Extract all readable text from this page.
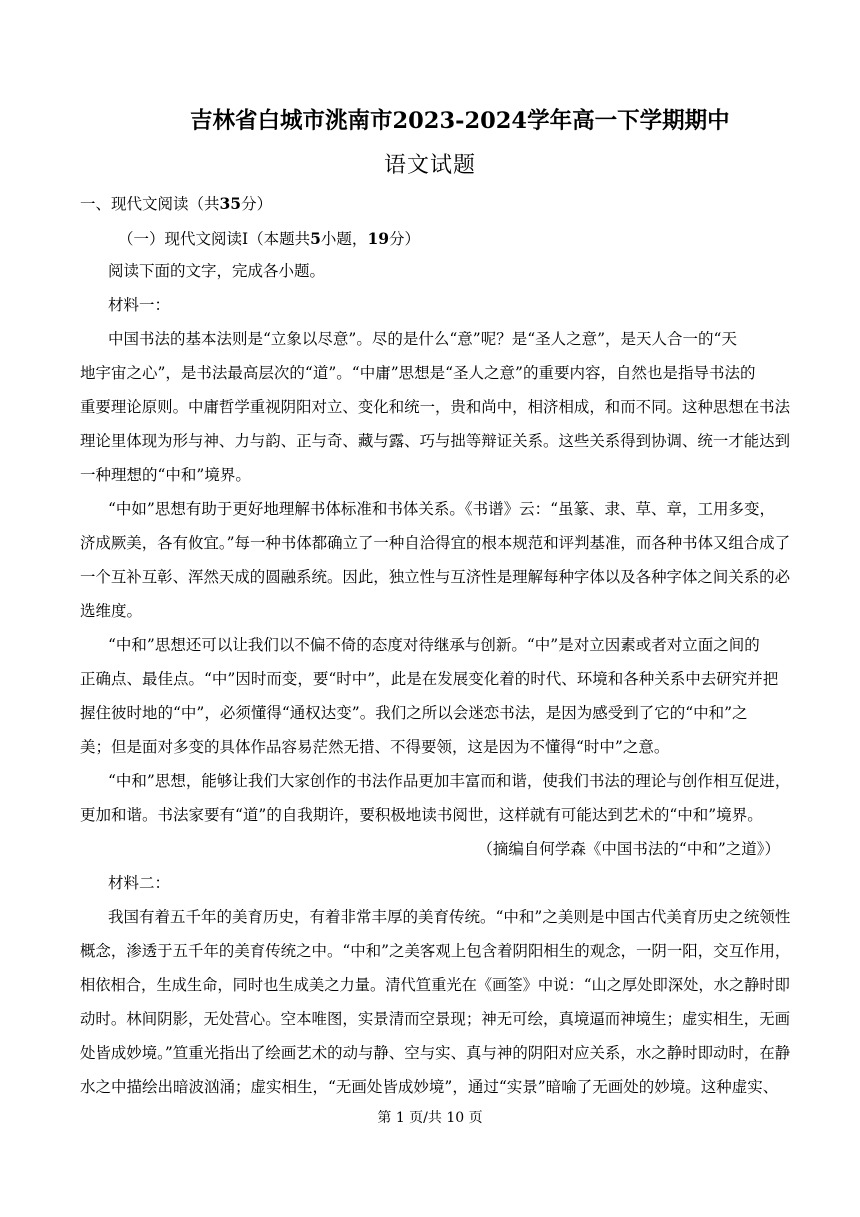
吉林省白城市洮南市2023-2024学年高一下学期期中
语文试题
一、现代文阅读（共35分）
（一）现代文阅读Ⅰ（本题共5小题，19分）
阅读下面的文字，完成各小题。
材料一：
中国书法的基本法则是“立象以尽意”。尽的是什么“意”呢？是“圣人之意”，是天人合一的“天
地宇宙之心”，是书法最高层次的“道”。“中庸”思想是“圣人之意”的重要内容，自然也是指导书法的
重要理论原则。中庸哲学重视阴阳对立、变化和统一，贵和尚中，相济相成，和而不同。这种思想在书法
理论里体现为形与神、力与韵、正与奇、藏与露、巧与拙等辩证关系。这些关系得到协调、统一才能达到
一种理想的“中和”境界。
“中如”思想有助于更好地理解书体标准和书体关系。《书谱》云：“虽篆、隶、草、章，工用多变，
济成厥美，各有攸宜。”每一种书体都确立了一种自洽得宜的根本规范和评判基准，而各种书体又组合成了
一个互补互彰、浑然天成的圆融系统。因此，独立性与互济性是理解每种字体以及各种字体之间关系的必
选维度。
“中和”思想还可以让我们以不偏不倚的态度对待继承与创新。“中”是对立因素或者对立面之间的
正确点、最佳点。“中”因时而变，要“时中”，此是在发展变化着的时代、环境和各种关系中去研究并把
握住彼时地的“中”，必须懂得“通权达变”。我们之所以会迷恋书法，是因为感受到了它的“中和”之
美；但是面对多变的具体作品容易茫然无措、不得要领，这是因为不懂得“时中”之意。
“中和”思想，能够让我们大家创作的书法作品更加丰富而和谐，使我们书法的理论与创作相互促进，
更加和谐。书法家要有“道”的自我期许，要积极地读书阅世，这样就有可能达到艺术的“中和”境界。
（摘编自何学森《中国书法的“中和”之道》）
材料二：
我国有着五千年的美育历史，有着非常丰厚的美育传统。“中和”之美则是中国古代美育历史之统领性
概念，渗透于五千年的美育传统之中。“中和”之美客观上包含着阴阳相生的观念，一阴一阳，交互作用，
相依相合，生成生命，同时也生成美之力量。清代笪重光在《画筌》中说：“山之厚处即深处，水之静时即
动时。林间阴影，无处营心。空本唯图，实景清而空景现；神无可绘，真境逼而神境生；虚实相生，无画
处皆成妙境。”笪重光指出了绘画艺术的动与静、空与实、真与神的阴阳对应关系，水之静时即动时，在静
水之中描绘出暗波汹涌；虚实相生，“无画处皆成妙境”，通过“实景”暗喻了无画处的妙境。这种虚实、
第 1 页/共 10 页
